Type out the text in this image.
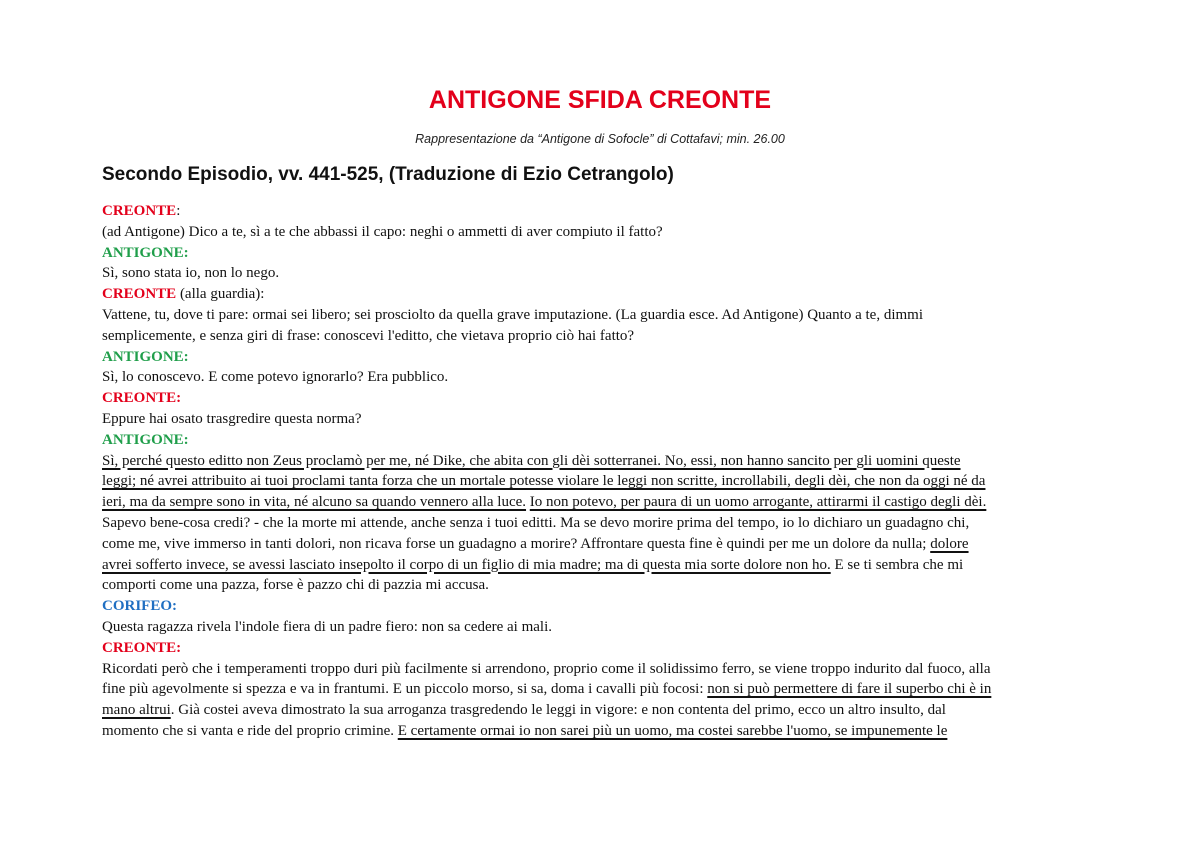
ANTIGONE SFIDA CREONTE
Rappresentazione da “Antigone di Sofocle” di Cottafavi; min. 26.00
Secondo Episodio, vv. 441-525, (Traduzione di Ezio Cetrangolo)
CREONTE:
(ad Antigone) Dico a te, sì a te che abbassi il capo: neghi o ammetti di aver compiuto il fatto?
ANTIGONE:
Sì, sono stata io, non lo nego.
CREONTE (alla guardia):
Vattene, tu, dove ti pare: ormai sei libero; sei prosciolto da quella grave imputazione. (La guardia esce. Ad Antigone) Quanto a te, dimmi
semplicemente, e senza giri di frase: conoscevi l'editto, che vietava proprio ciò hai fatto?
ANTIGONE:
Sì, lo conoscevo. E come potevo ignorarlo? Era pubblico.
CREONTE:
Eppure hai osato trasgredire questa norma?
ANTIGONE:
Sì, perché questo editto non Zeus proclamò per me, né Dike, che abita con gli dèi sotterranei. No, essi, non hanno sancito per gli uomini queste
leggi; né avrei attribuito ai tuoi proclami tanta forza che un mortale potesse violare le leggi non scritte, incrollabili, degli dèi, che non da oggi né da
ieri, ma da sempre sono in vita, né alcuno sa quando vennero alla luce. Io non potevo, per paura di un uomo arrogante, attirarmi il castigo degli dèi.
Sapevo bene-cosa credi? - che la morte mi attende, anche senza i tuoi editti. Ma se devo morire prima del tempo, io lo dichiaro un guadagno chi,
come me, vive immerso in tanti dolori, non ricava forse un guadagno a morire? Affrontare questa fine è quindi per me un dolore da nulla; dolore
avrei sofferto invece, se avessi lasciato insepolto il corpo di un figlio di mia madre; ma di questa mia sorte dolore non ho. E se ti sembra che mi
comporti come una pazza, forse è pazzo chi di pazzia mi accusa.
CORIFEO:
Questa ragazza rivela l'indole fiera di un padre fiero: non sa cedere ai mali.
CREONTE:
Ricordati però che i temperamenti troppo duri più facilmente si arrendono, proprio come il solidissimo ferro, se viene troppo indurito dal fuoco, alla
fine più agevolmente si spezza e va in frantumi. E un piccolo morso, si sa, doma i cavalli più focosi: non si può permettere di fare il superbo chi è in
mano altrui. Già costei aveva dimostrato la sua arroganza trasgredendo le leggi in vigore: e non contenta del primo, ecco un altro insulto, dal
momento che si vanta e ride del proprio crimine. E certamente ormai io non sarei più un uomo, ma costei sarebbe l'uomo, se impunemente le
